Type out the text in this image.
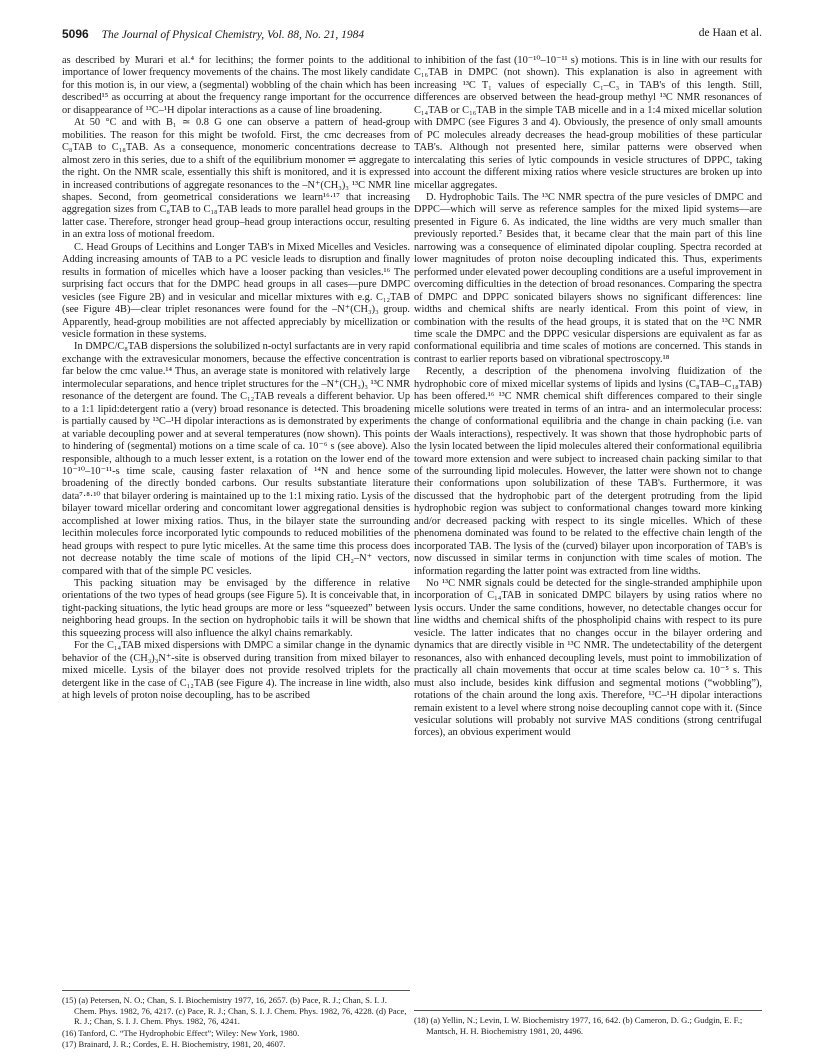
5096 The Journal of Physical Chemistry, Vol. 88, No. 21, 1984	de Haan et al.

as described by Murari et al.⁴ for lecithins; the former points to the additional importance of lower frequency movements of the chains. The most likely candidate for this motion is, in our view, a (segmental) wobbling of the chain which has been described¹⁵ as occurring at about the frequency range important for the occurrence or disappearance of ¹³C–¹H dipolar interactions as a cause of line broadening.

At 50 °C and with B₁ ≃ 0.8 G one can observe a pattern of head-group mobilities. The reason for this might be twofold. First, the cmc decreases from C₈TAB to C₁₈TAB. As a consequence, monomeric concentrations decrease to almost zero in this series, due to a shift of the equilibrium monomer ⇌ aggregate to the right. On the NMR scale, essentially this shift is monitored, and it is expressed in increased contributions of aggregate resonances to the –N⁺(CH₃)₃ ¹³C NMR line shapes. Second, from geometrical considerations we learn¹⁶·¹⁷ that increasing aggregation sizes from C₈TAB to C₁₈TAB leads to more parallel head groups in the latter case. Therefore, stronger head group–head group interactions occur, resulting in an extra loss of motional freedom.

C. Head Groups of Lecithins and Longer TAB's in Mixed Micelles and Vesicles. Adding increasing amounts of TAB to a PC vesicle leads to disruption and finally results in formation of micelles which have a looser packing than vesicles.¹⁶ The surprising fact occurs that for the DMPC head groups in all cases—pure DMPC vesicles (see Figure 2B) and in vesicular and micellar mixtures with e.g. C₁₂TAB (see Figure 4B)—clear triplet resonances were found for the –N⁺(CH₃)₃ group. Apparently, head-group mobilities are not affected appreciably by micellization or vesicle formation in these systems.

In DMPC/C₈TAB dispersions the solubilized n-octyl surfactants are in very rapid exchange with the extravesicular monomers, because the effective concentration is far below the cmc value.¹⁴ Thus, an average state is monitored with relatively large intermolecular separations, and hence triplet structures for the –N⁺(CH₃)₃ ¹³C NMR resonance of the detergent are found. The C₁₂TAB reveals a different behavior. Up to a 1:1 lipid:detergent ratio a (very) broad resonance is detected. This broadening is partially caused by ¹³C–¹H dipolar interactions as is demonstrated by experiments at variable decoupling power and at several temperatures (now shown). This points to hindering of (segmental) motions on a time scale of ca. 10⁻⁶ s (see above). Also responsible, although to a much lesser extent, is a rotation on the lower end of the 10⁻¹⁰–10⁻¹¹-s time scale, causing faster relaxation of ¹⁴N and hence some broadening of the directly bonded carbons. Our results substantiate literature data⁷·⁸·¹⁰ that bilayer ordering is maintained up to the 1:1 mixing ratio. Lysis of the bilayer toward micellar ordering and concomitant lower aggregational densities is accomplished at lower mixing ratios. Thus, in the bilayer state the surrounding lecithin molecules force incorporated lytic compounds to reduced mobilities of the head groups with respect to pure lytic micelles. At the same time this process does not decrease notably the time scale of motions of the lipid CH₂–N⁺ vectors, compared with that of the simple PC vesicles.

This packing situation may be envisaged by the difference in relative orientations of the two types of head groups (see Figure 5). It is conceivable that, in tight-packing situations, the lytic head groups are more or less “squeezed” between neighboring head groups. In the section on hydrophobic tails it will be shown that this squeezing process will also influence the alkyl chains remarkably.

For the C₁₄TAB mixed dispersions with DMPC a similar change in the dynamic behavior of the (CH₃)₃N⁺-site is observed during transition from mixed bilayer to mixed micelle. Lysis of the bilayer does not provide resolved triplets for the detergent like in the case of C₁₂TAB (see Figure 4). The increase in line width, also at high levels of proton noise decoupling, has to be ascribed

to inhibition of the fast (10⁻¹⁰–10⁻¹¹ s) motions. This is in line with our results for C₁₆TAB in DMPC (not shown). This explanation is also in agreement with increasing ¹³C T₁ values of especially C₁–C₃ in TAB's of this length. Still, differences are observed between the head-group methyl ¹³C NMR resonances of C₁₄TAB or C₁₆TAB in the simple TAB micelle and in a 1:4 mixed micellar solution with DMPC (see Figures 3 and 4). Obviously, the presence of only small amounts of PC molecules already decreases the head-group mobilities of these particular TAB's. Although not presented here, similar patterns were observed when intercalating this series of lytic compounds in vesicle structures of DPPC, taking into account the different mixing ratios where vesicle structures are broken up into micellar aggregates.

D. Hydrophobic Tails. The ¹³C NMR spectra of the pure vesicles of DMPC and DPPC—which will serve as reference samples for the mixed lipid systems—are presented in Figure 6. As indicated, the line widths are very much smaller than previously reported.⁷ Besides that, it became clear that the main part of this line narrowing was a consequence of eliminated dipolar coupling. Spectra recorded at lower magnitudes of proton noise decoupling indicated this. Thus, experiments performed under elevated power decoupling conditions are a useful improvement in overcoming difficulties in the detection of broad resonances. Comparing the spectra of DMPC and DPPC sonicated bilayers shows no significant differences: line widths and chemical shifts are nearly identical. From this point of view, in combination with the results of the head groups, it is stated that on the ¹³C NMR time scale the DMPC and the DPPC vesicular dispersions are equivalent as far as conformational equilibria and time scales of motions are concerned. This stands in contrast to earlier reports based on vibrational spectroscopy.¹⁸

Recently, a description of the phenomena involving fluidization of the hydrophobic core of mixed micellar systems of lipids and lysins (C₈TAB–C₁₈TAB) has been offered.¹⁶ ¹³C NMR chemical shift differences compared to their single micelle solutions were treated in terms of an intra- and an intermolecular process: the change of conformational equilibria and the change in chain packing (i.e. van der Waals interactions), respectively. It was shown that those hydrophobic parts of the lysin located between the lipid molecules altered their conformational equilibria toward more extension and were subject to increased chain packing similar to that of the surrounding lipid molecules. However, the latter were shown not to change their conformations upon solubilization of these TAB's. Furthermore, it was discussed that the hydrophobic part of the detergent protruding from the lipid hydrophobic region was subject to conformational changes toward more kinking and/or decreased packing with respect to its single micelles. Which of these phenomena dominated was found to be related to the effective chain length of the incorporated TAB. The lysis of the (curved) bilayer upon incorporation of TAB's is now discussed in similar terms in conjunction with time scales of motion. The information regarding the latter point was extracted from line widths.

No ¹³C NMR signals could be detected for the single-stranded amphiphile upon incorporation of C₁₄TAB in sonicated DMPC bilayers by using ratios where no lysis occurs. Under the same conditions, however, no detectable changes occur for line widths and chemical shifts of the phospholipid chains with respect to its pure vesicle. The latter indicates that no changes occur in the bilayer ordering and dynamics that are directly visible in ¹³C NMR. The undetectability of the detergent resonances, also with enhanced decoupling levels, must point to immobilization of practically all chain movements that occur at time scales below ca. 10⁻⁵ s. This must also include, besides kink diffusion and segmental motions (“wobbling”), rotations of the chain around the long axis. Therefore, ¹³C–¹H dipolar interactions remain existent to a level where strong noise decoupling cannot cope with it. (Since vesicular solutions will probably not survive MAS conditions (strong centrifugal forces), an obvious experiment would

(15) (a) Petersen, N. O.; Chan, S. I. Biochemistry 1977, 16, 2657. (b) Pace, R. J.; Chan, S. I. J. Chem. Phys. 1982, 76, 4217. (c) Pace, R. J.; Chan, S. I. J. Chem. Phys. 1982, 76, 4228. (d) Pace, R. J.; Chan, S. I. J. Chem. Phys. 1982, 76, 4241.

(16) Tanford, C. “The Hydrophobic Effect”; Wiley: New York, 1980.

(17) Brainard, J. R.; Cordes, E. H. Biochemistry, 1981, 20, 4607.

(18) (a) Yellin, N.; Levin, I. W. Biochemistry 1977, 16, 642. (b) Cameron, D. G.; Gudgin, E. F.; Mantsch, H. H. Biochemistry 1981, 20, 4496.
